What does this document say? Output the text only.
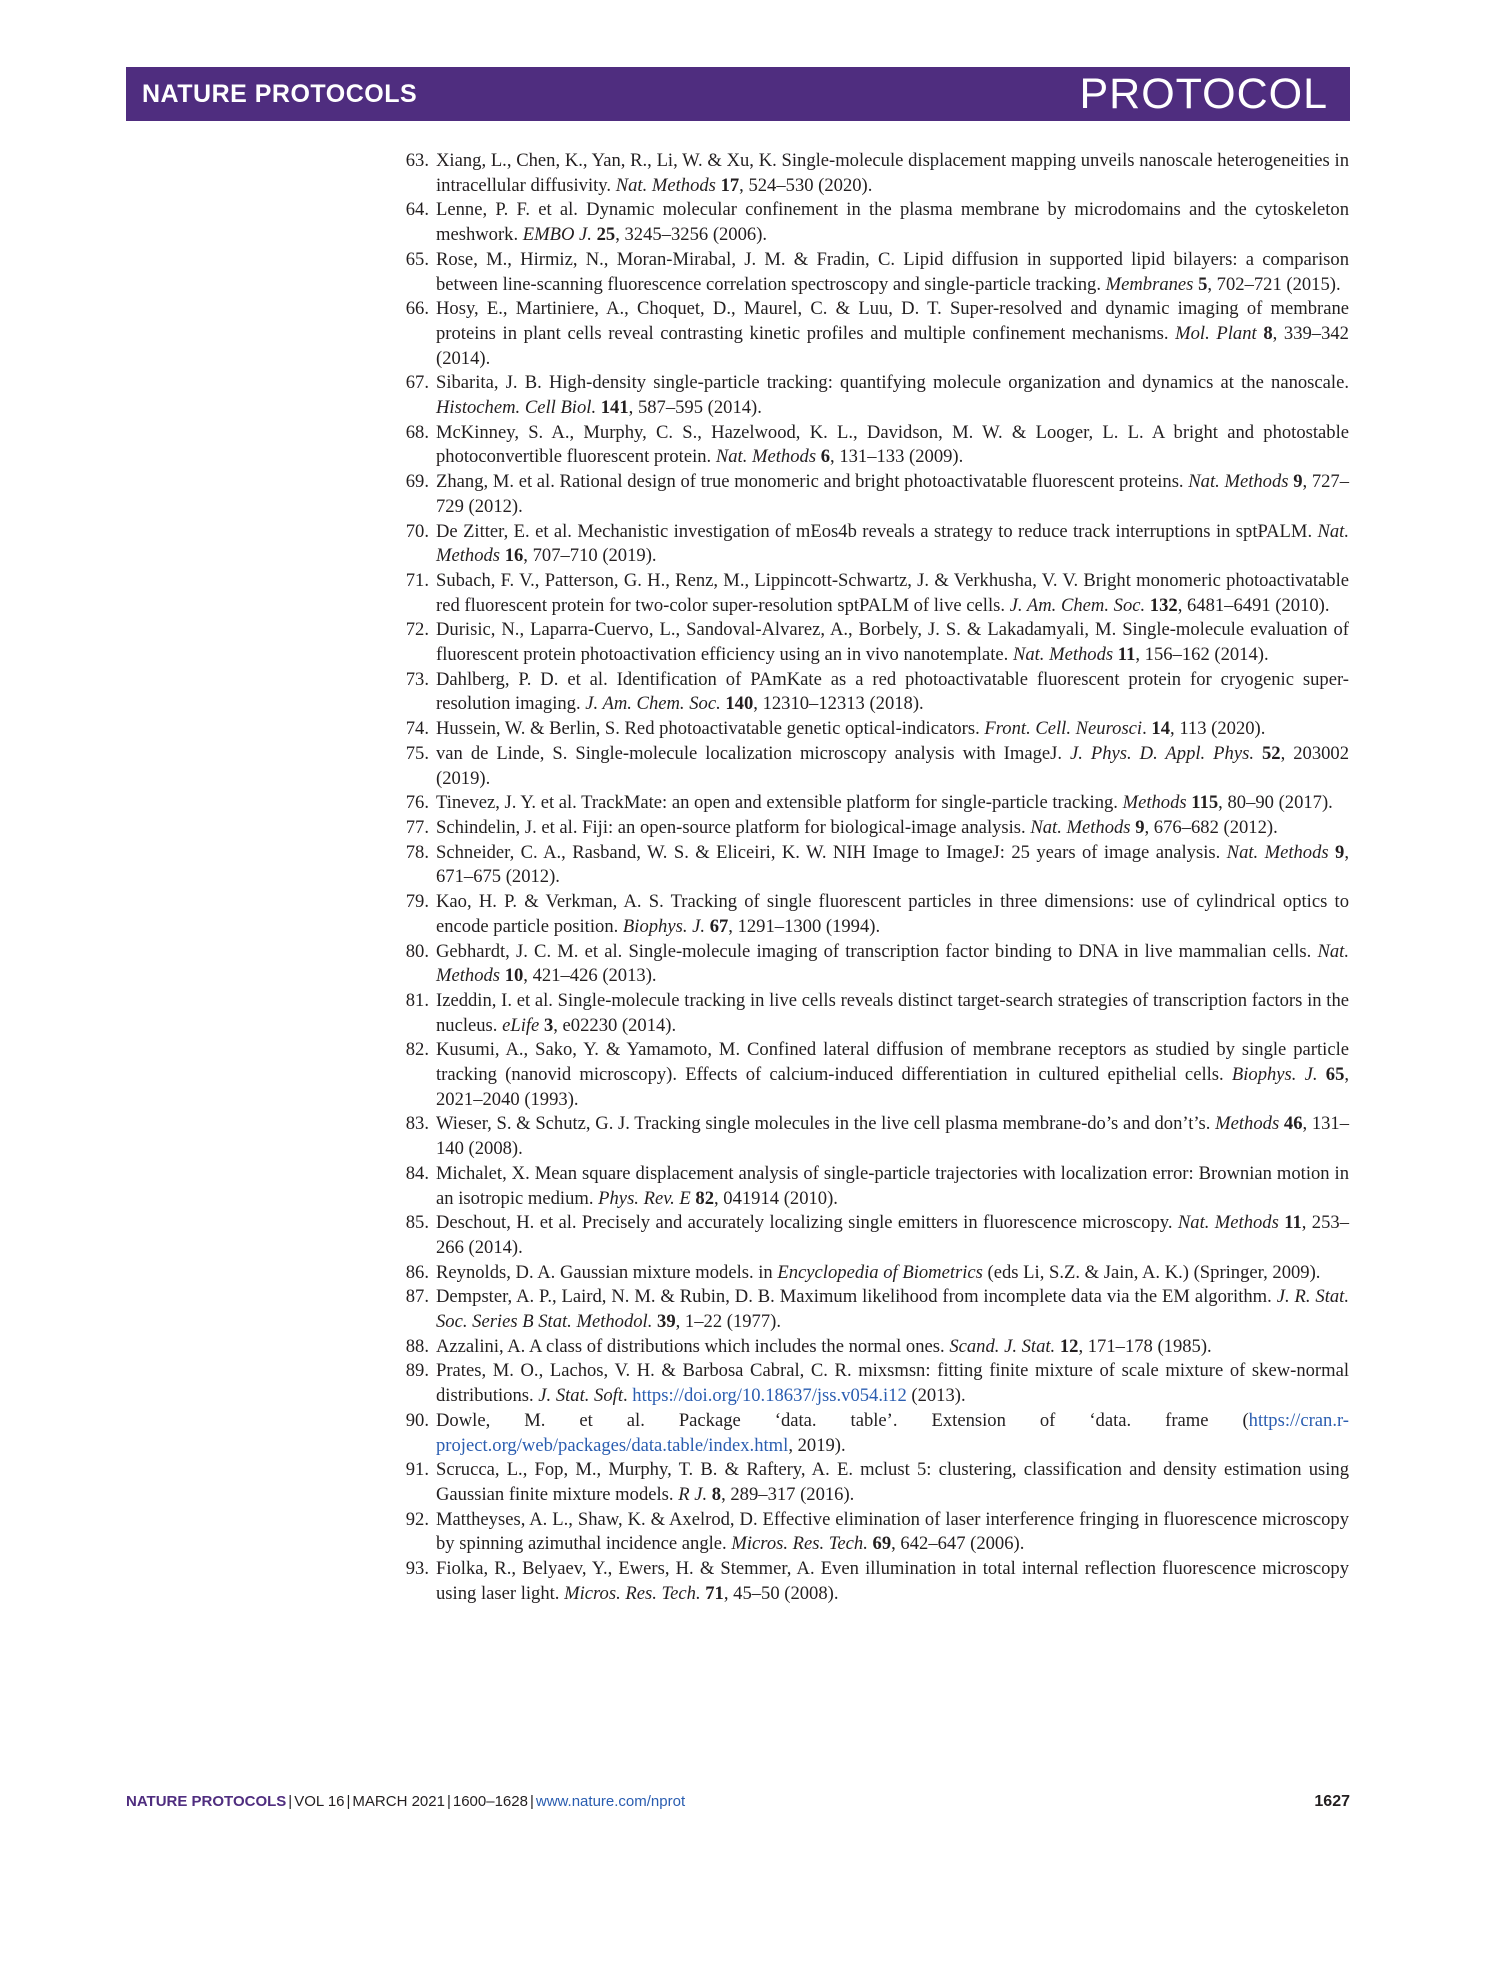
NATURE PROTOCOLS	PROTOCOL
63. Xiang, L., Chen, K., Yan, R., Li, W. & Xu, K. Single-molecule displacement mapping unveils nanoscale heterogeneities in intracellular diffusivity. Nat. Methods 17, 524–530 (2020).
64. Lenne, P. F. et al. Dynamic molecular confinement in the plasma membrane by microdomains and the cytoskeleton meshwork. EMBO J. 25, 3245–3256 (2006).
65. Rose, M., Hirmiz, N., Moran-Mirabal, J. M. & Fradin, C. Lipid diffusion in supported lipid bilayers: a comparison between line-scanning fluorescence correlation spectroscopy and single-particle tracking. Membranes 5, 702–721 (2015).
66. Hosy, E., Martiniere, A., Choquet, D., Maurel, C. & Luu, D. T. Super-resolved and dynamic imaging of membrane proteins in plant cells reveal contrasting kinetic profiles and multiple confinement mechanisms. Mol. Plant 8, 339–342 (2014).
67. Sibarita, J. B. High-density single-particle tracking: quantifying molecule organization and dynamics at the nanoscale. Histochem. Cell Biol. 141, 587–595 (2014).
68. McKinney, S. A., Murphy, C. S., Hazelwood, K. L., Davidson, M. W. & Looger, L. L. A bright and photostable photoconvertible fluorescent protein. Nat. Methods 6, 131–133 (2009).
69. Zhang, M. et al. Rational design of true monomeric and bright photoactivatable fluorescent proteins. Nat. Methods 9, 727–729 (2012).
70. De Zitter, E. et al. Mechanistic investigation of mEos4b reveals a strategy to reduce track interruptions in sptPALM. Nat. Methods 16, 707–710 (2019).
71. Subach, F. V., Patterson, G. H., Renz, M., Lippincott-Schwartz, J. & Verkhusha, V. V. Bright monomeric photoactivatable red fluorescent protein for two-color super-resolution sptPALM of live cells. J. Am. Chem. Soc. 132, 6481–6491 (2010).
72. Durisic, N., Laparra-Cuervo, L., Sandoval-Alvarez, A., Borbely, J. S. & Lakadamyali, M. Single-molecule evaluation of fluorescent protein photoactivation efficiency using an in vivo nanotemplate. Nat. Methods 11, 156–162 (2014).
73. Dahlberg, P. D. et al. Identification of PAmKate as a red photoactivatable fluorescent protein for cryogenic super-resolution imaging. J. Am. Chem. Soc. 140, 12310–12313 (2018).
74. Hussein, W. & Berlin, S. Red photoactivatable genetic optical-indicators. Front. Cell. Neurosci. 14, 113 (2020).
75. van de Linde, S. Single-molecule localization microscopy analysis with ImageJ. J. Phys. D. Appl. Phys. 52, 203002 (2019).
76. Tinevez, J. Y. et al. TrackMate: an open and extensible platform for single-particle tracking. Methods 115, 80–90 (2017).
77. Schindelin, J. et al. Fiji: an open-source platform for biological-image analysis. Nat. Methods 9, 676–682 (2012).
78. Schneider, C. A., Rasband, W. S. & Eliceiri, K. W. NIH Image to ImageJ: 25 years of image analysis. Nat. Methods 9, 671–675 (2012).
79. Kao, H. P. & Verkman, A. S. Tracking of single fluorescent particles in three dimensions: use of cylindrical optics to encode particle position. Biophys. J. 67, 1291–1300 (1994).
80. Gebhardt, J. C. M. et al. Single-molecule imaging of transcription factor binding to DNA in live mammalian cells. Nat. Methods 10, 421–426 (2013).
81. Izeddin, I. et al. Single-molecule tracking in live cells reveals distinct target-search strategies of transcription factors in the nucleus. eLife 3, e02230 (2014).
82. Kusumi, A., Sako, Y. & Yamamoto, M. Confined lateral diffusion of membrane receptors as studied by single particle tracking (nanovid microscopy). Effects of calcium-induced differentiation in cultured epithelial cells. Biophys. J. 65, 2021–2040 (1993).
83. Wieser, S. & Schutz, G. J. Tracking single molecules in the live cell plasma membrane-do’s and don’t’s. Methods 46, 131–140 (2008).
84. Michalet, X. Mean square displacement analysis of single-particle trajectories with localization error: Brownian motion in an isotropic medium. Phys. Rev. E 82, 041914 (2010).
85. Deschout, H. et al. Precisely and accurately localizing single emitters in fluorescence microscopy. Nat. Methods 11, 253–266 (2014).
86. Reynolds, D. A. Gaussian mixture models. in Encyclopedia of Biometrics (eds Li, S.Z. & Jain, A. K.) (Springer, 2009).
87. Dempster, A. P., Laird, N. M. & Rubin, D. B. Maximum likelihood from incomplete data via the EM algorithm. J. R. Stat. Soc. Series B Stat. Methodol. 39, 1–22 (1977).
88. Azzalini, A. A class of distributions which includes the normal ones. Scand. J. Stat. 12, 171–178 (1985).
89. Prates, M. O., Lachos, V. H. & Barbosa Cabral, C. R. mixsmsn: fitting finite mixture of scale mixture of skew-normal distributions. J. Stat. Soft. https://doi.org/10.18637/jss.v054.i12 (2013).
90. Dowle, M. et al. Package ‘data. table’. Extension of ‘data. frame (https://cran.r-project.org/web/packages/data.table/index.html, 2019).
91. Scrucca, L., Fop, M., Murphy, T. B. & Raftery, A. E. mclust 5: clustering, classification and density estimation using Gaussian finite mixture models. R J. 8, 289–317 (2016).
92. Mattheyses, A. L., Shaw, K. & Axelrod, D. Effective elimination of laser interference fringing in fluorescence microscopy by spinning azimuthal incidence angle. Micros. Res. Tech. 69, 642–647 (2006).
93. Fiolka, R., Belyaev, Y., Ewers, H. & Stemmer, A. Even illumination in total internal reflection fluorescence microscopy using laser light. Micros. Res. Tech. 71, 45–50 (2008).
NATURE PROTOCOLS | VOL 16 | MARCH 2021 | 1600–1628 | www.nature.com/nprot	1627
